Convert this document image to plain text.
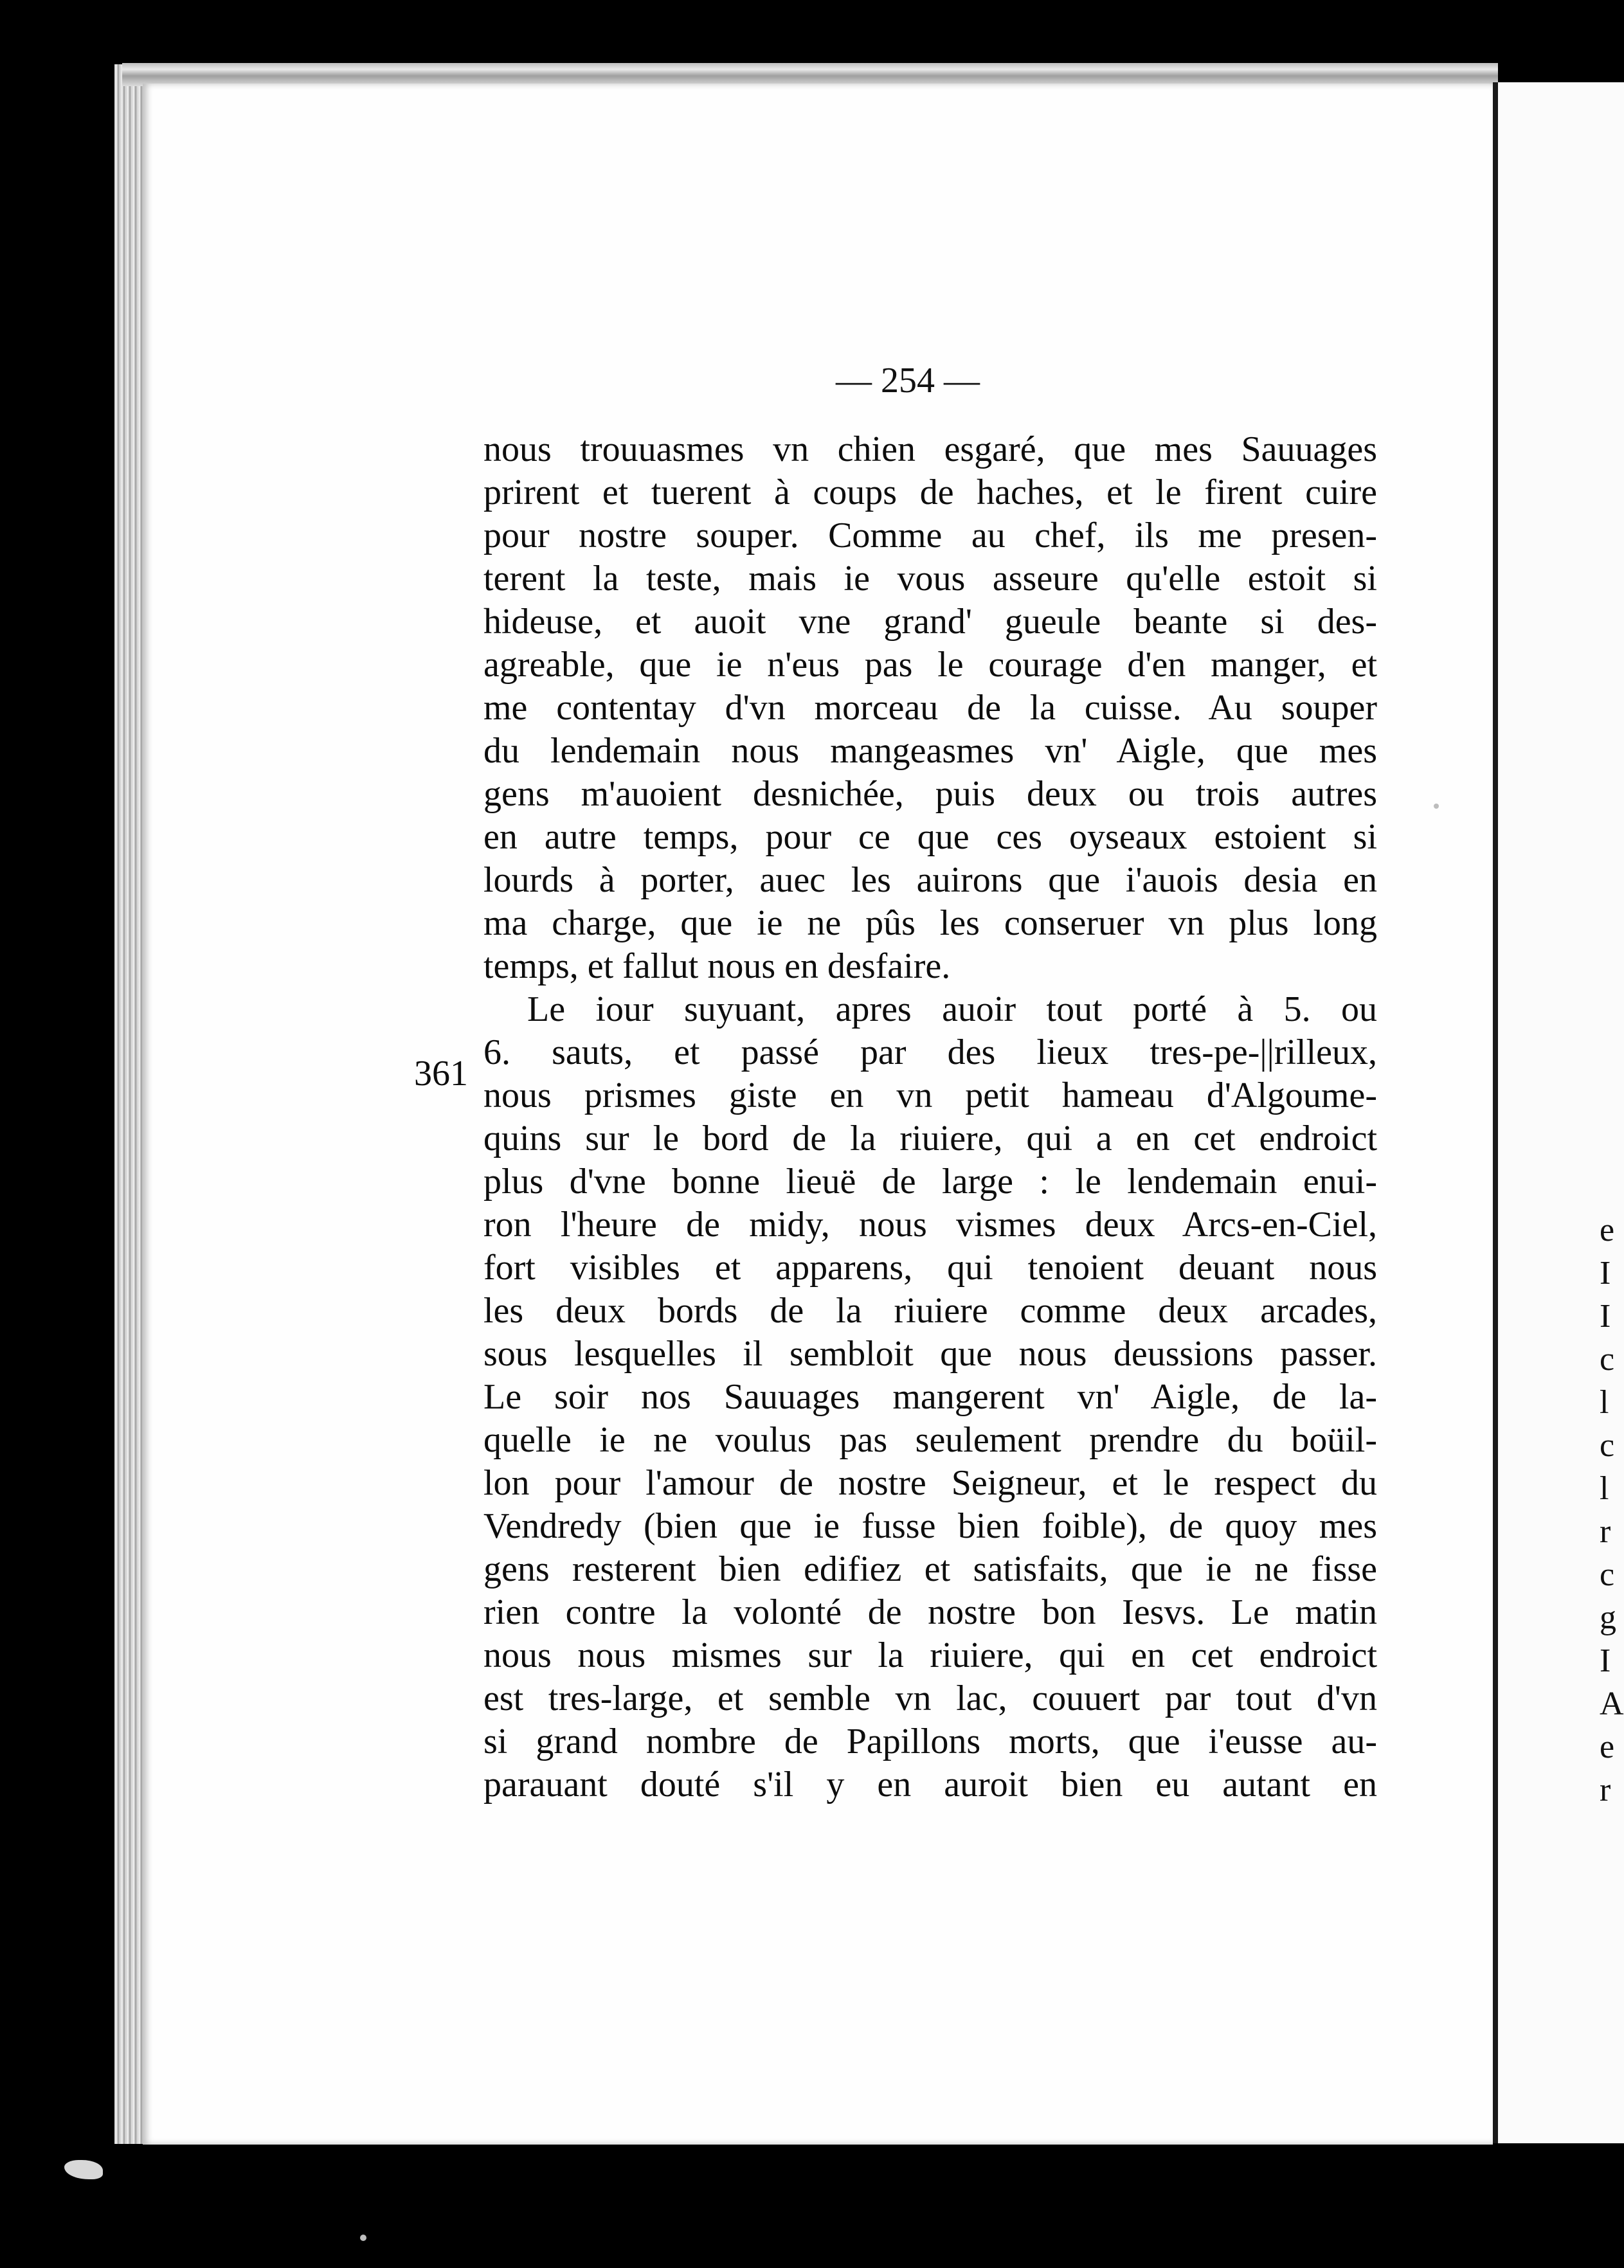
e
I
I
c
l
c
l
r
c
g
I
A
e
r
— 254 —
361
nous trouuasmes vn chien esgaré, que mes Sauuages
prirent et tuerent à coups de haches, et le firent cuire
pour nostre souper. Comme au chef, ils me presen-
terent la teste, mais ie vous asseure qu'elle estoit si
hideuse, et auoit vne grand' gueule beante si des-
agreable, que ie n'eus pas le courage d'en manger, et
me contentay d'vn morceau de la cuisse. Au souper
du lendemain nous mangeasmes vn' Aigle, que mes
gens m'auoient desnichée, puis deux ou trois autres
en autre temps, pour ce que ces oyseaux estoient si
lourds à porter, auec les auirons que i'auois desia en
ma charge, que ie ne pûs les conseruer vn plus long
temps, et fallut nous en desfaire.
Le iour suyuant, apres auoir tout porté à 5. ou
6. sauts, et passé par des lieux tres-pe-||rilleux,
nous prismes giste en vn petit hameau d'Algoume-
quins sur le bord de la riuiere, qui a en cet endroict
plus d'vne bonne lieuë de large : le lendemain enui-
ron l'heure de midy, nous vismes deux Arcs-en-Ciel,
fort visibles et apparens, qui tenoient deuant nous
les deux bords de la riuiere comme deux arcades,
sous lesquelles il sembloit que nous deussions passer.
Le soir nos Sauuages mangerent vn' Aigle, de la-
quelle ie ne voulus pas seulement prendre du boüil-
lon pour l'amour de nostre Seigneur, et le respect du
Vendredy (bien que ie fusse bien foible), de quoy mes
gens resterent bien edifiez et satisfaits, que ie ne fisse
rien contre la volonté de nostre bon Iesvs. Le matin
nous nous mismes sur la riuiere, qui en cet endroict
est tres-large, et semble vn lac, couuert par tout d'vn
si grand nombre de Papillons morts, que i'eusse au-
parauant douté s'il y en auroit bien eu autant en
